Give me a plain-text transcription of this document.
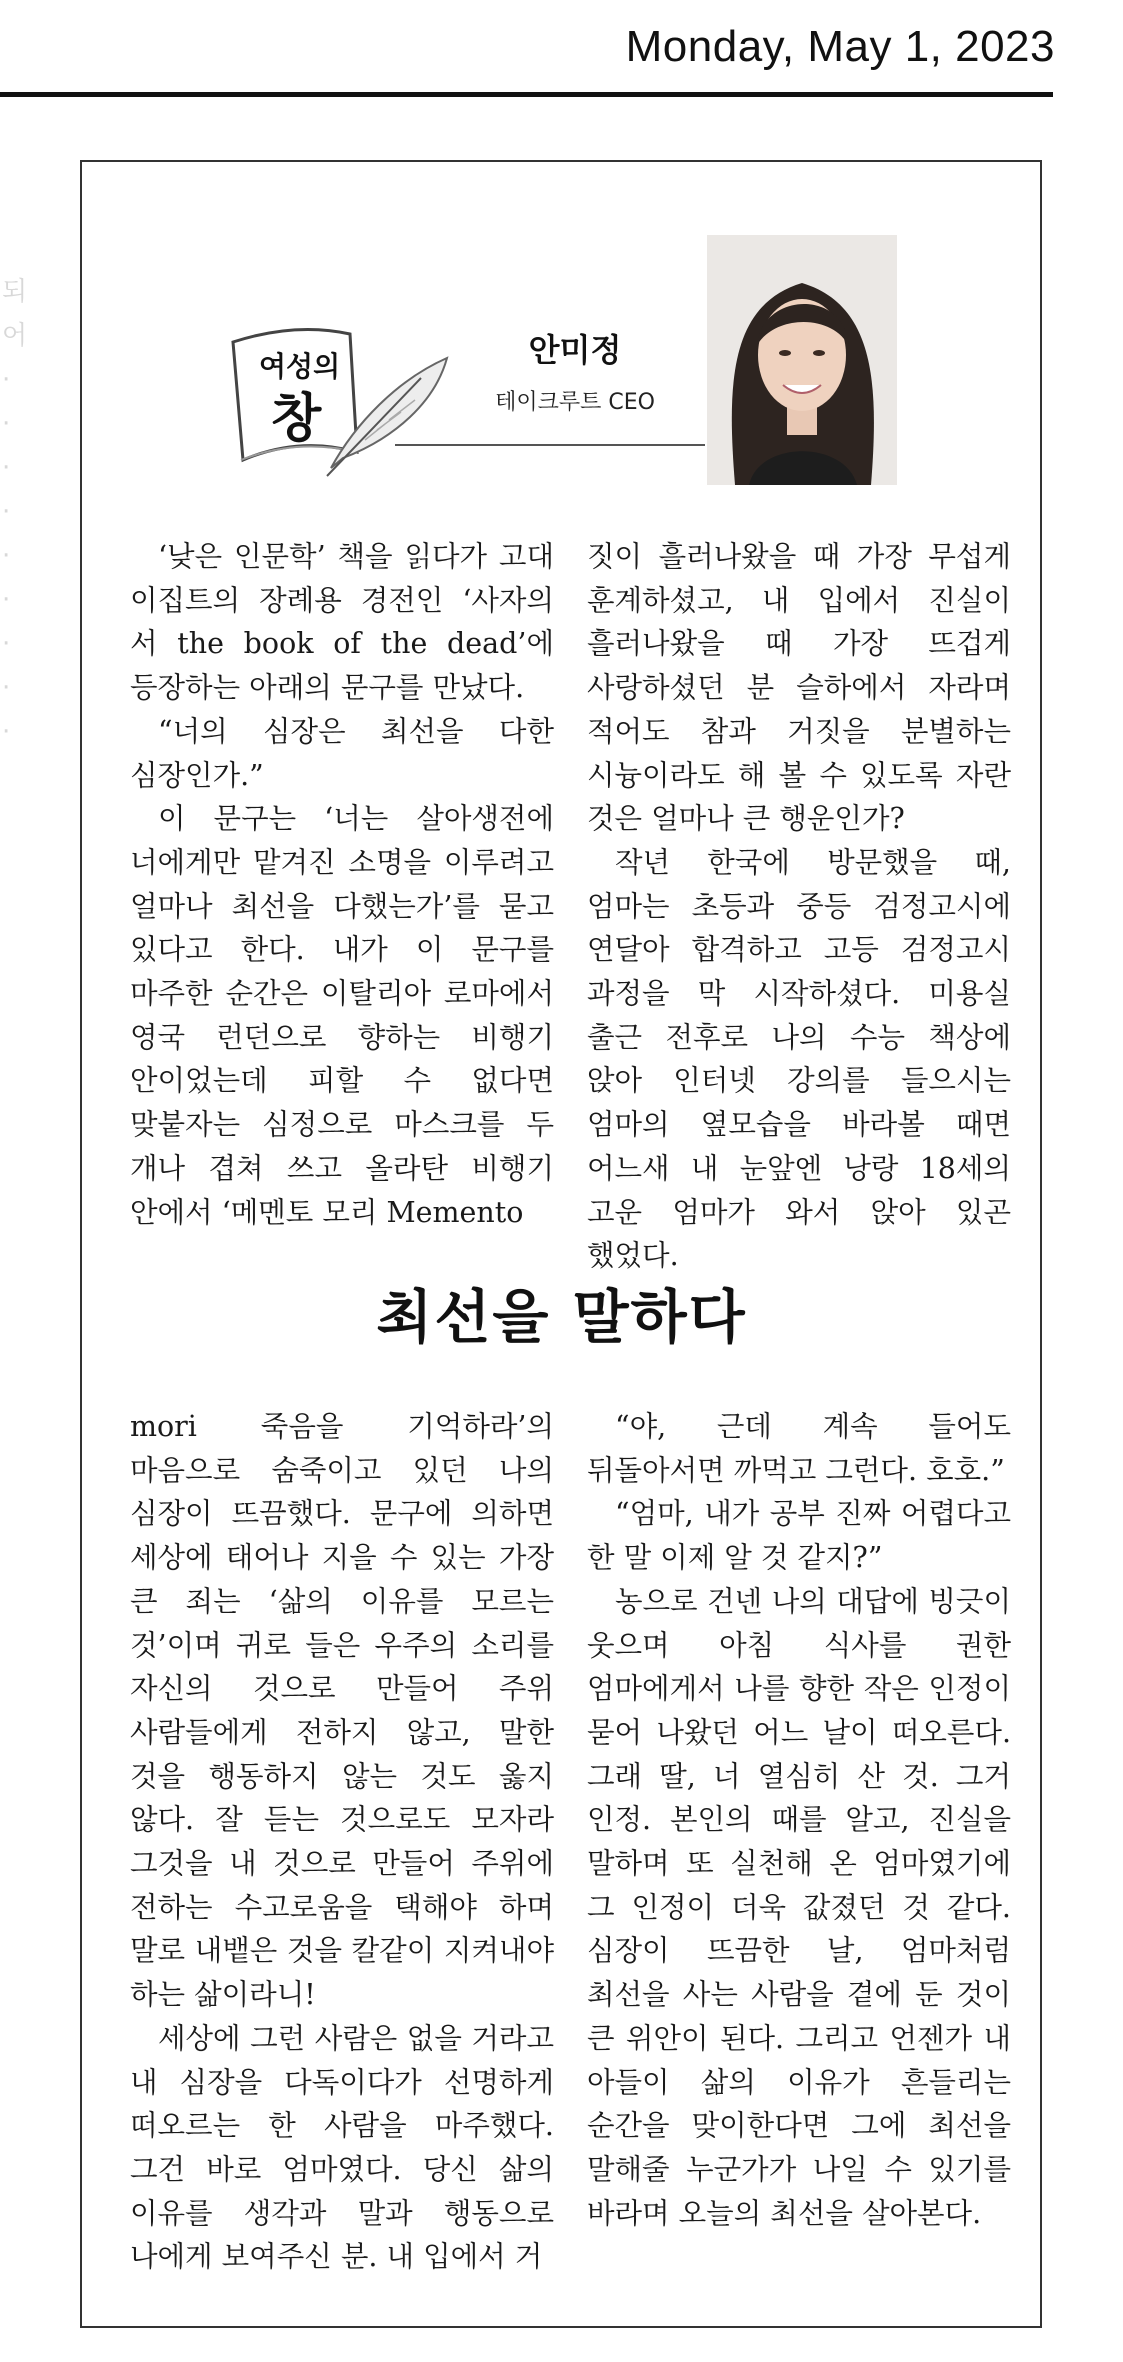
Monday, May 1, 2023
되
어
·
·
·
·
·
·
·
·
·
여성의
창
안미정
테이크루트 CEO

‘낮은 인문학’ 책을 읽다가 고대 이집트의 장례용 경전인 ‘사자의 서 the book of the dead’에 등장하는 아래의 문구를 만났다.

“너의 심장은 최선을 다한 심장인가.”

이 문구는 ‘너는 살아생전에 너에게만 맡겨진 소명을 이루려고 얼마나 최선을 다했는가’를 묻고 있다고 한다. 내가 이 문구를 마주한 순간은 이탈리아 로마에서 영국 런던으로 향하는 비행기 안이었는데 피할 수 없다면 맞붙자는 심정으로 마스크를 두 개나 겹쳐 쓰고 올라탄 비행기 안에서 ‘메멘토 모리 Memento

짓이 흘러나왔을 때 가장 무섭게 훈계하셨고, 내 입에서 진실이 흘러나왔을 때 가장 뜨겁게 사랑하셨던 분 슬하에서 자라며 적어도 참과 거짓을 분별하는 시늉이라도 해 볼 수 있도록 자란 것은 얼마나 큰 행운인가?

작년 한국에 방문했을 때, 엄마는 초등과 중등 검정고시에 연달아 합격하고 고등 검정고시 과정을 막 시작하셨다. 미용실 출근 전후로 나의 수능 책상에 앉아 인터넷 강의를 들으시는 엄마의 옆모습을 바라볼 때면 어느새 내 눈앞엔 낭랑 18세의 고운 엄마가 와서 앉아 있곤 했었다.

최선을 말하다

mori 죽음을 기억하라’의 마음으로 숨죽이고 있던 나의 심장이 뜨끔했다. 문구에 의하면 세상에 태어나 지을 수 있는 가장 큰 죄는 ‘삶의 이유를 모르는 것’이며 귀로 들은 우주의 소리를 자신의 것으로 만들어 주위 사람들에게 전하지 않고, 말한 것을 행동하지 않는 것도 옳지 않다. 잘 듣는 것으로도 모자라 그것을 내 것으로 만들어 주위에 전하는 수고로움을 택해야 하며 말로 내뱉은 것을 칼같이 지켜내야 하는 삶이라니!

세상에 그런 사람은 없을 거라고 내 심장을 다독이다가 선명하게 떠오르는 한 사람을 마주했다. 그건 바로 엄마였다. 당신 삶의 이유를 생각과 말과 행동으로 나에게 보여주신 분. 내 입에서 거

“야, 근데 계속 들어도 뒤돌아서면 까먹고 그런다. 호호.”

“엄마, 내가 공부 진짜 어렵다고 한 말 이제 알 것 같지?”

농으로 건넨 나의 대답에 빙긋이 웃으며 아침 식사를 권한 엄마에게서 나를 향한 작은 인정이 묻어 나왔던 어느 날이 떠오른다. 그래 딸, 너 열심히 산 것. 그거 인정. 본인의 때를 알고, 진실을 말하며 또 실천해 온 엄마였기에 그 인정이 더욱 값졌던 것 같다. 심장이 뜨끔한 날, 엄마처럼 최선을 사는 사람을 곁에 둔 것이 큰 위안이 된다. 그리고 언젠가 내 아들이 삶의 이유가 흔들리는 순간을 맞이한다면 그에 최선을 말해줄 누군가가 나일 수 있기를 바라며 오늘의 최선을 살아본다.
